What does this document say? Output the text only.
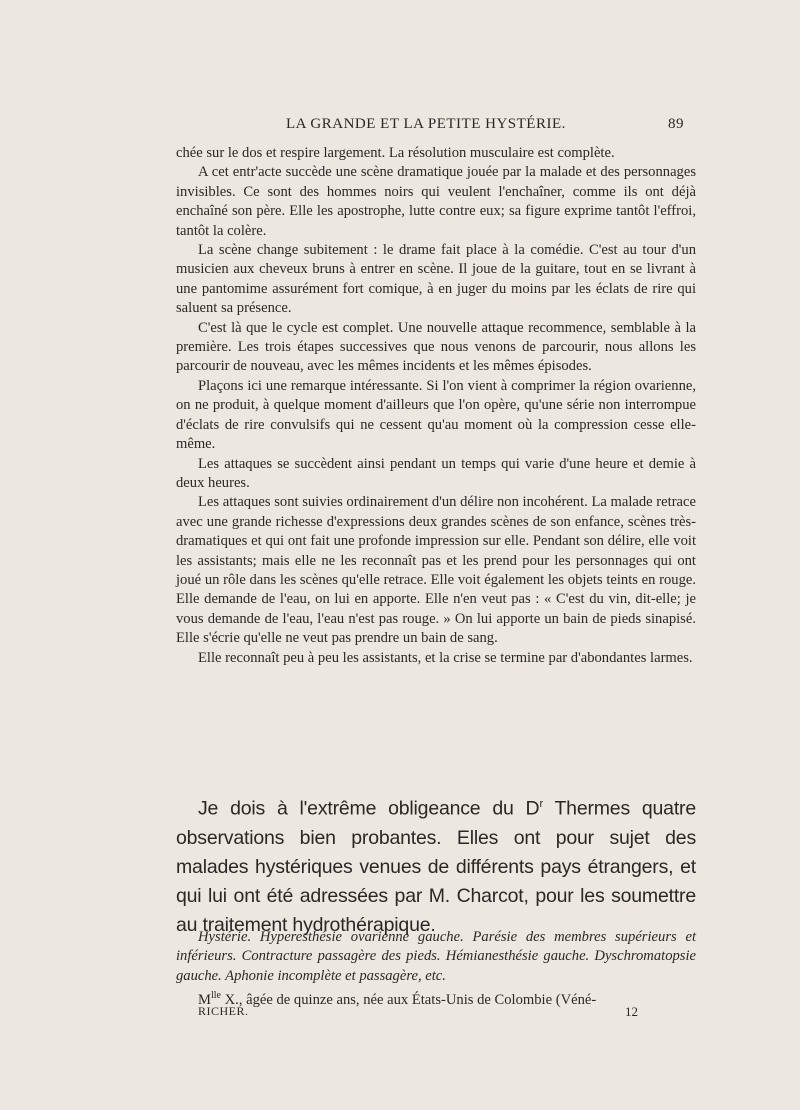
LA GRANDE ET LA PETITE HYSTÉRIE.	89

chée sur le dos et respire largement. La résolution musculaire est complète.

A cet entr'acte succède une scène dramatique jouée par la malade et des personnages invisibles. Ce sont des hommes noirs qui veulent l'enchaîner, comme ils ont déjà enchaîné son père. Elle les apostrophe, lutte contre eux; sa figure exprime tantôt l'effroi, tantôt la colère.

La scène change subitement : le drame fait place à la comédie. C'est au tour d'un musicien aux cheveux bruns à entrer en scène. Il joue de la guitare, tout en se livrant à une pantomime assurément fort comique, à en juger du moins par les éclats de rire qui saluent sa présence.

C'est là que le cycle est complet. Une nouvelle attaque recommence, semblable à la première. Les trois étapes successives que nous venons de parcourir, nous allons les parcourir de nouveau, avec les mêmes incidents et les mêmes épisodes.

Plaçons ici une remarque intéressante. Si l'on vient à comprimer la région ovarienne, on ne produit, à quelque moment d'ailleurs que l'on opère, qu'une série non interrompue d'éclats de rire convulsifs qui ne cessent qu'au moment où la compression cesse elle-même.

Les attaques se succèdent ainsi pendant un temps qui varie d'une heure et demie à deux heures.

Les attaques sont suivies ordinairement d'un délire non incohérent. La malade retrace avec une grande richesse d'expressions deux grandes scènes de son enfance, scènes très-dramatiques et qui ont fait une profonde impression sur elle. Pendant son délire, elle voit les assistants; mais elle ne les reconnaît pas et les prend pour les personnages qui ont joué un rôle dans les scènes qu'elle retrace. Elle voit également les objets teints en rouge. Elle demande de l'eau, on lui en apporte. Elle n'en veut pas : « C'est du vin, dit-elle; je vous demande de l'eau, l'eau n'est pas rouge. » On lui apporte un bain de pieds sinapisé. Elle s'écrie qu'elle ne veut pas prendre un bain de sang.

Elle reconnaît peu à peu les assistants, et la crise se termine par d'abondantes larmes.

Je dois à l'extrême obligeance du $D^r$ Thermes quatre observations bien probantes. Elles ont pour sujet des malades hystériques venues de différents pays étrangers, et qui lui ont été adressées par M. Charcot, pour les soumettre au traitement hydrothérapique.

Hystérie. Hyperesthésie ovarienne gauche. Parésie des membres supérieurs et inférieurs. Contracture passagère des pieds. Hémianesthésie gauche. Dyschromatopsie gauche. Aphonie incomplète et passagère, etc.

$M^{lle}$ X., âgée de quinze ans, née aux États-Unis de Colombie (Véné-

RICHER.	12
